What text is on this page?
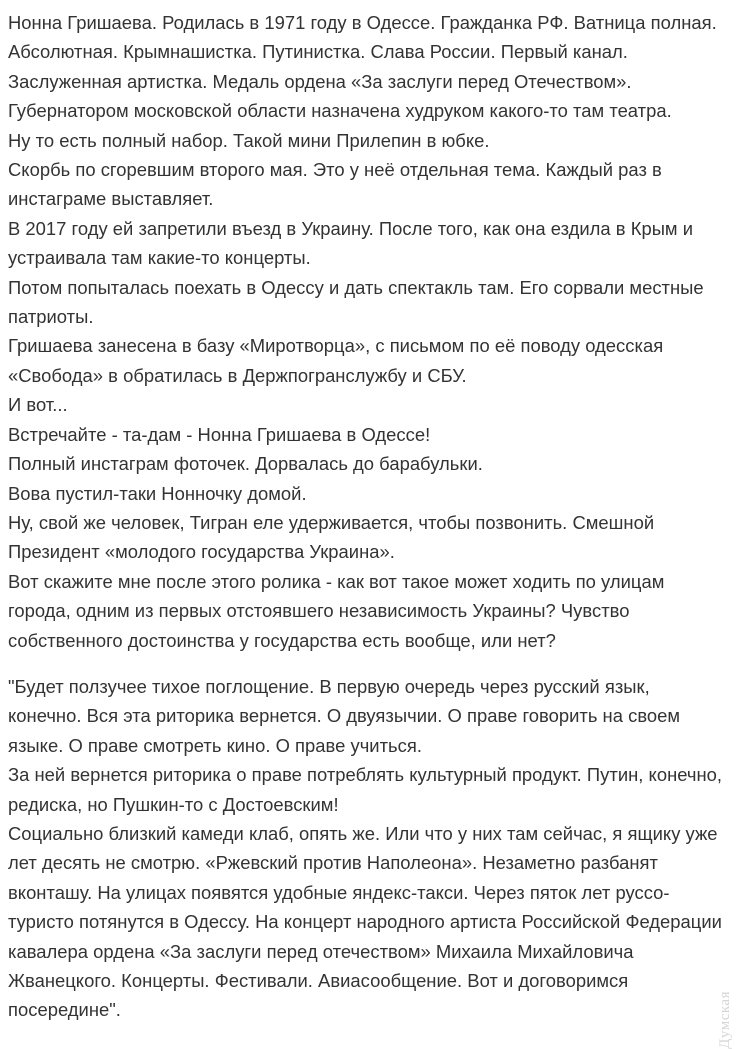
Нонна Гришаева. Родилась в 1971 году в Одессе. Гражданка РФ. Ватница полная. Абсолютная. Крымнашистка. Путинистка. Слава России. Первый канал. Заслуженная артистка. Медаль ордена «За заслуги перед Отечеством». Губернатором московской области назначена худруком какого-то там театра.

Ну то есть полный набор. Такой мини Прилепин в юбке.

Скорбь по сгоревшим второго мая. Это у неё отдельная тема. Каждый раз в инстаграме выставляет.

В 2017 году ей запретили въезд в Украину. После того, как она ездила в Крым и устраивала там какие-то концерты.

Потом попыталась поехать в Одессу и дать спектакль там. Его сорвали местные патриоты.

Гришаева занесена в базу «Миротворца», с письмом по её поводу одесская «Свобода» в обратилась в Держпогранслужбу и СБУ.

И вот...

Встречайте - та-дам - Нонна Гришаева в Одессе!

Полный инстаграм фоточек. Дорвалась до барабульки.

Вова пустил-таки Нонночку домой.

Ну, свой же человек, Тигран еле удерживается, чтобы позвонить. Смешной Президент «молодого государства Украина».

Вот скажите мне после этого ролика - как вот такое может ходить по улицам города, одним из первых отстоявшего независимость Украины? Чувство собственного достоинства у государства есть вообще, или нет?

"Будет ползучее тихое поглощение. В первую очередь через русский язык, конечно. Вся эта риторика вернется. О двуязычии. О праве говорить на своем языке. О праве смотреть кино. О праве учиться.

За ней вернется риторика о праве потреблять культурный продукт. Путин, конечно, редиска, но Пушкин-то с Достоевским!

Социально близкий камеди клаб, опять же. Или что у них там сейчас, я ящику уже лет десять не смотрю. «Ржевский против Наполеона». Незаметно разбанят вконташу. На улицах появятся удобные яндекс-такси. Через пяток лет руссо-туристо потянутся в Одессу. На концерт народного артиста Российской Федерации кавалера ордена «За заслуги перед отечеством» Михаила Михайловича Жванецкого. Концерты. Фестивали. Авиасообщение. Вот и договоримся посередине".	Думская
